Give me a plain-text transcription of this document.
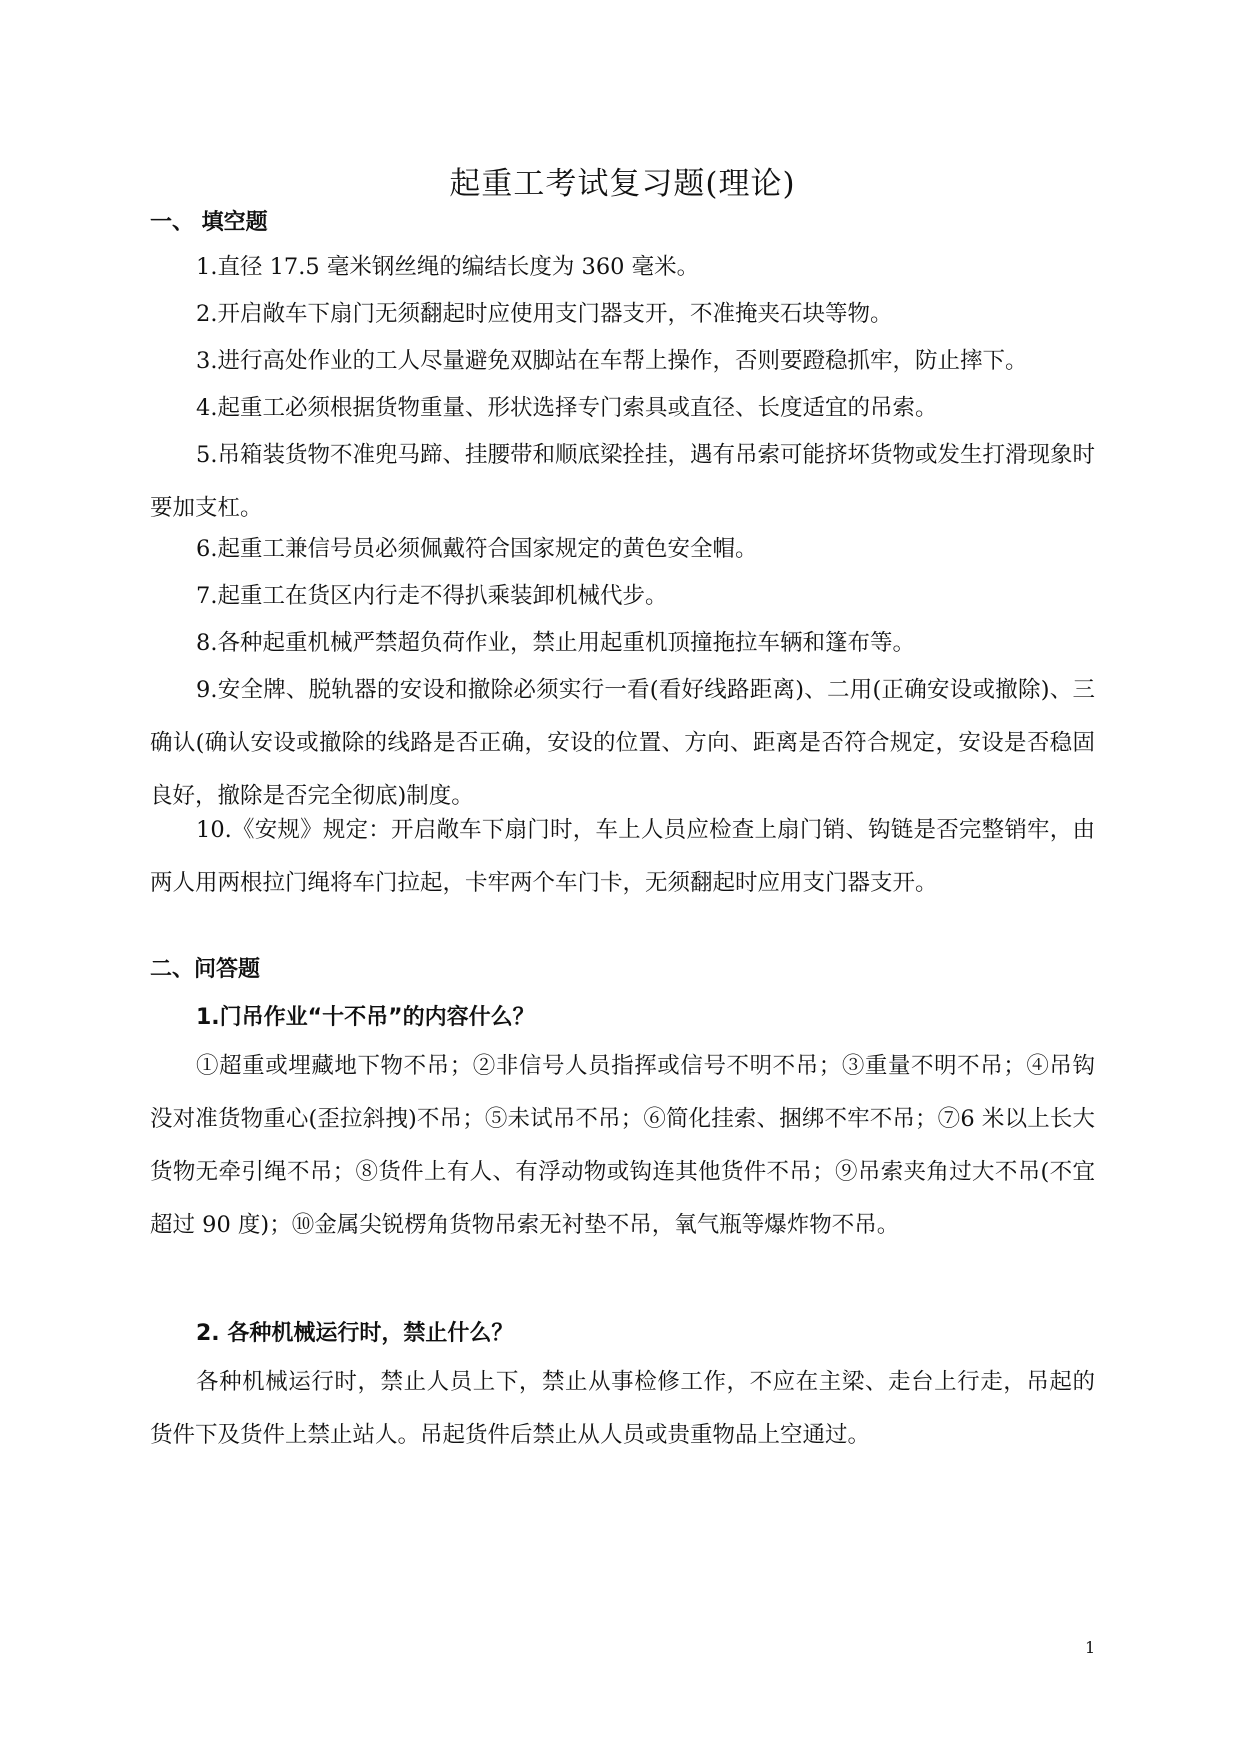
起重工考试复习题(理论)
一、 填空题

1.直径 17.5 毫米钢丝绳的编结长度为 360 毫米。

2.开启敞车下扇门无须翻起时应使用支门器支开，不准掩夹石块等物。

3.进行高处作业的工人尽量避免双脚站在车帮上操作，否则要蹬稳抓牢，防止摔下。

4.起重工必须根据货物重量、形状选择专门索具或直径、长度适宜的吊索。

5.吊箱装货物不准兜马蹄、挂腰带和顺底梁拴挂，遇有吊索可能挤坏货物或发生打滑现象时要加支杠。

6.起重工兼信号员必须佩戴符合国家规定的黄色安全帽。

7.起重工在货区内行走不得扒乘装卸机械代步。

8.各种起重机械严禁超负荷作业，禁止用起重机顶撞拖拉车辆和篷布等。

9.安全牌、脱轨器的安设和撤除必须实行一看(看好线路距离)、二用(正确安设或撤除)、三确认(确认安设或撤除的线路是否正确，安设的位置、方向、距离是否符合规定，安设是否稳固良好，撤除是否完全彻底)制度。

10.《安规》规定：开启敞车下扇门时，车上人员应检查上扇门销、钩链是否完整销牢，由两人用两根拉门绳将车门拉起，卡牢两个车门卡，无须翻起时应用支门器支开。

二、问答题
1.门吊作业“十不吊”的内容什么？

①超重或埋藏地下物不吊；②非信号人员指挥或信号不明不吊；③重量不明不吊；④吊钩没对准货物重心(歪拉斜拽)不吊；⑤未试吊不吊；⑥简化挂索、捆绑不牢不吊；⑦6 米以上长大货物无牵引绳不吊；⑧货件上有人、有浮动物或钩连其他货件不吊；⑨吊索夹角过大不吊(不宜超过 90 度)；⑩金属尖锐楞角货物吊索无衬垫不吊，氧气瓶等爆炸物不吊。

2. 各种机械运行时，禁止什么？

各种机械运行时，禁止人员上下，禁止从事检修工作，不应在主梁、走台上行走，吊起的货件下及货件上禁止站人。吊起货件后禁止从人员或贵重物品上空通过。

1
